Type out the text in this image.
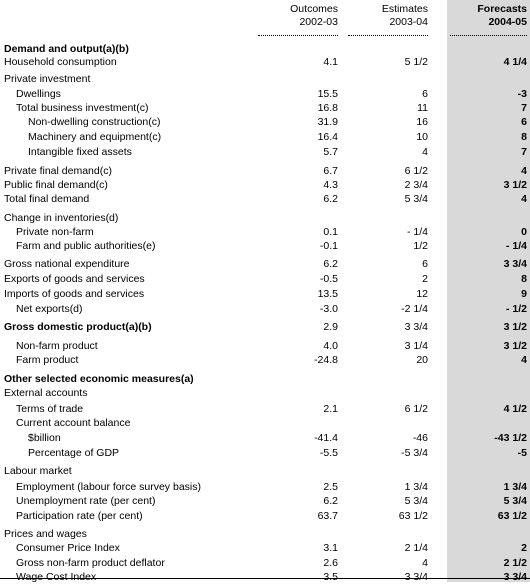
Outcomes
2002-03
Estimates
2003-04
Forecasts
2004-05
Demand and output(a)(b)
Household consumption	4.1	5 1/2	4 1/4
Private investment
Dwellings	15.5	6	-3
Total business investment(c)	16.8	11	7
Non-dwelling construction(c)	31.9	16	6
Machinery and equipment(c)	16.4	10	8
Intangible fixed assets	5.7	4	7
Private final demand(c)	6.7	6 1/2	4
Public final demand(c)	4.3	2 3/4	3 1/2
Total final demand	6.2	5 3/4	4
Change in inventories(d)
Private non-farm	0.1	- 1/4	0
Farm and public authorities(e)	-0.1	1/2	- 1/4
Gross national expenditure	6.2	6	3 3/4
Exports of goods and services	-0.5	2	8
Imports of goods and services	13.5	12	9
Net exports(d)	-3.0	-2 1/4	- 1/2
Gross domestic product(a)(b)	2.9	3 3/4	3 1/2
Non-farm product	4.0	3 1/4	3 1/2
Farm product	-24.8	20	4
Other selected economic measures(a)
External accounts
Terms of trade	2.1	6 1/2	4 1/2
Current account balance
$billion	-41.4	-46	-43 1/2
Percentage of GDP	-5.5	-5 3/4	-5
Labour market
Employment (labour force survey basis)	2.5	1 3/4	1 3/4
Unemployment rate (per cent)	6.2	5 3/4	5 3/4
Participation rate (per cent)	63.7	63 1/2	63 1/2
Prices and wages
Consumer Price Index	3.1	2 1/4	2
Gross non-farm product deflator	2.6	4	2 1/2
Wage Cost Index	3.5	3 3/4	3 3/4
